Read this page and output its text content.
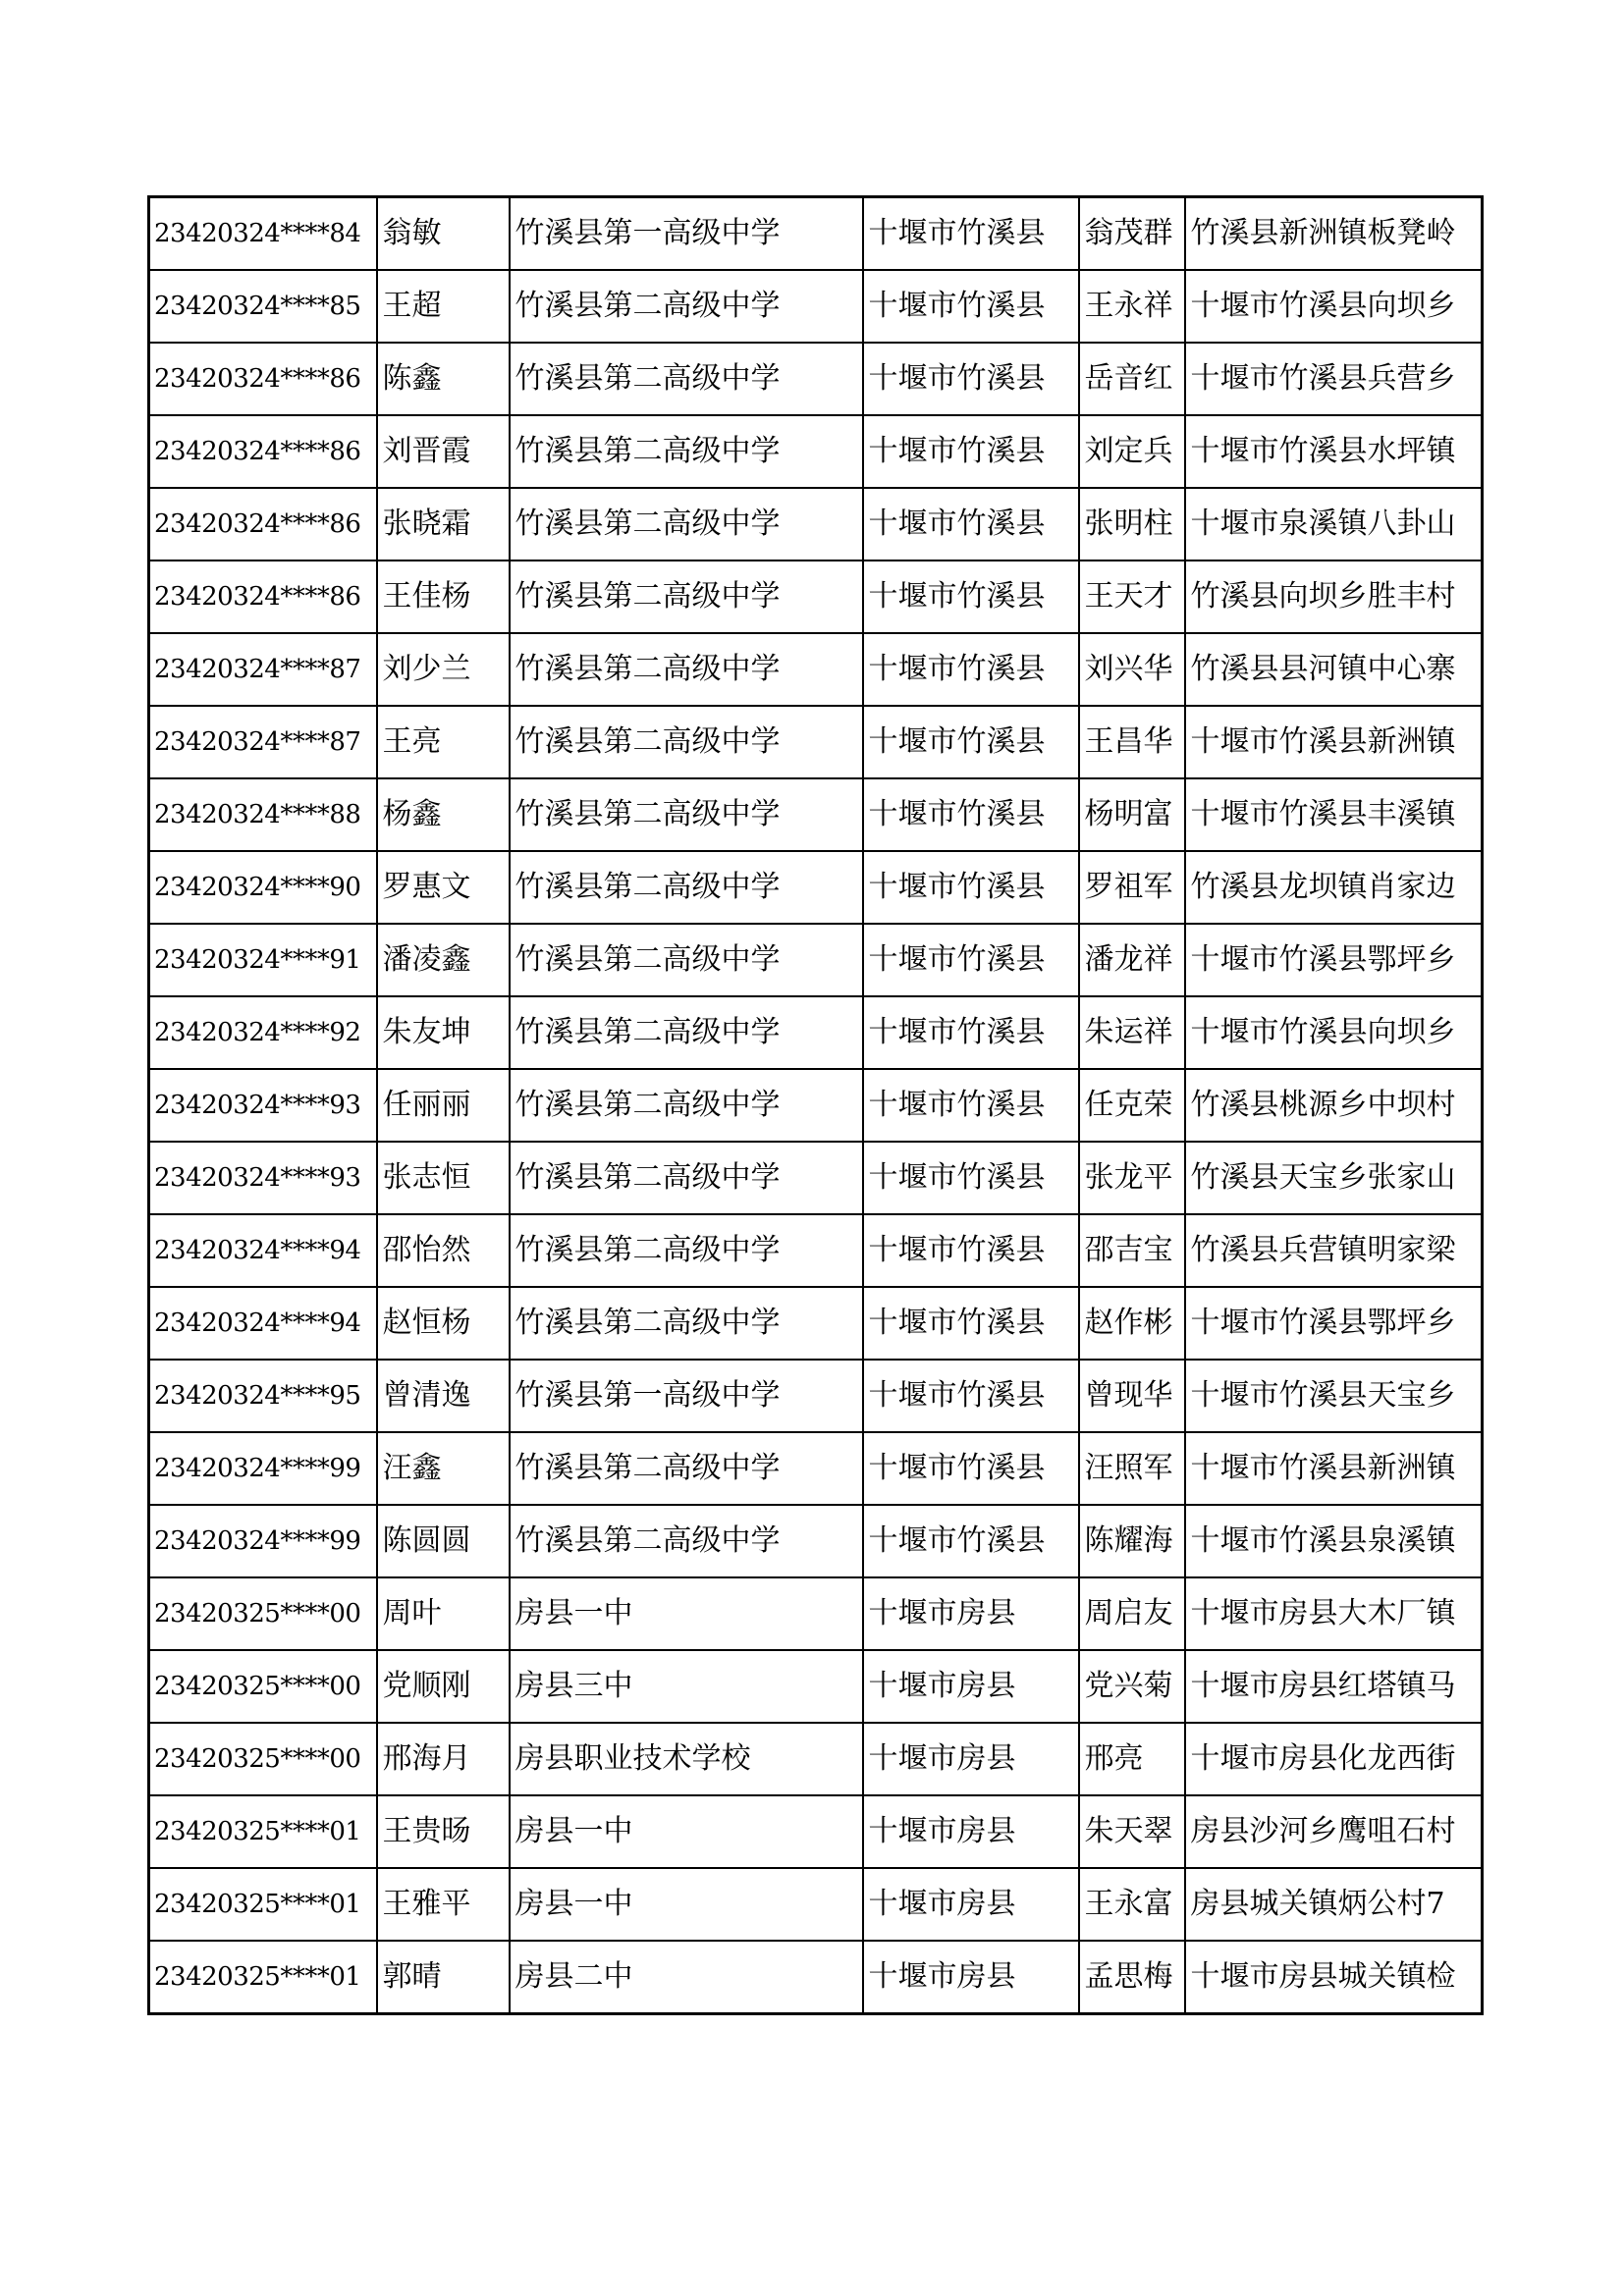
23420324****84	翁敏	竹溪县第一高级中学	十堰市竹溪县	翁茂群	竹溪县新洲镇板凳岭
23420324****85	王超	竹溪县第二高级中学	十堰市竹溪县	王永祥	十堰市竹溪县向坝乡
23420324****86	陈鑫	竹溪县第二高级中学	十堰市竹溪县	岳音红	十堰市竹溪县兵营乡
23420324****86	刘晋霞	竹溪县第二高级中学	十堰市竹溪县	刘定兵	十堰市竹溪县水坪镇
23420324****86	张晓霜	竹溪县第二高级中学	十堰市竹溪县	张明柱	十堰市泉溪镇八卦山
23420324****86	王佳杨	竹溪县第二高级中学	十堰市竹溪县	王天才	竹溪县向坝乡胜丰村
23420324****87	刘少兰	竹溪县第二高级中学	十堰市竹溪县	刘兴华	竹溪县县河镇中心寨
23420324****87	王亮	竹溪县第二高级中学	十堰市竹溪县	王昌华	十堰市竹溪县新洲镇
23420324****88	杨鑫	竹溪县第二高级中学	十堰市竹溪县	杨明富	十堰市竹溪县丰溪镇
23420324****90	罗惠文	竹溪县第二高级中学	十堰市竹溪县	罗祖军	竹溪县龙坝镇肖家边
23420324****91	潘凌鑫	竹溪县第二高级中学	十堰市竹溪县	潘龙祥	十堰市竹溪县鄂坪乡
23420324****92	朱友坤	竹溪县第二高级中学	十堰市竹溪县	朱运祥	十堰市竹溪县向坝乡
23420324****93	任丽丽	竹溪县第二高级中学	十堰市竹溪县	任克荣	竹溪县桃源乡中坝村
23420324****93	张志恒	竹溪县第二高级中学	十堰市竹溪县	张龙平	竹溪县天宝乡张家山
23420324****94	邵怡然	竹溪县第二高级中学	十堰市竹溪县	邵吉宝	竹溪县兵营镇明家梁
23420324****94	赵恒杨	竹溪县第二高级中学	十堰市竹溪县	赵作彬	十堰市竹溪县鄂坪乡
23420324****95	曾清逸	竹溪县第一高级中学	十堰市竹溪县	曾现华	十堰市竹溪县天宝乡
23420324****99	汪鑫	竹溪县第二高级中学	十堰市竹溪县	汪照军	十堰市竹溪县新洲镇
23420324****99	陈圆圆	竹溪县第二高级中学	十堰市竹溪县	陈耀海	十堰市竹溪县泉溪镇
23420325****00	周叶	房县一中	十堰市房县	周启友	十堰市房县大木厂镇
23420325****00	党顺刚	房县三中	十堰市房县	党兴菊	十堰市房县红塔镇马
23420325****00	邢海月	房县职业技术学校	十堰市房县	邢亮	十堰市房县化龙西街
23420325****01	王贵旸	房县一中	十堰市房县	朱天翠	房县沙河乡鹰咀石村
23420325****01	王雅平	房县一中	十堰市房县	王永富	房县城关镇炳公村7
23420325****01	郭晴	房县二中	十堰市房县	孟思梅	十堰市房县城关镇检
